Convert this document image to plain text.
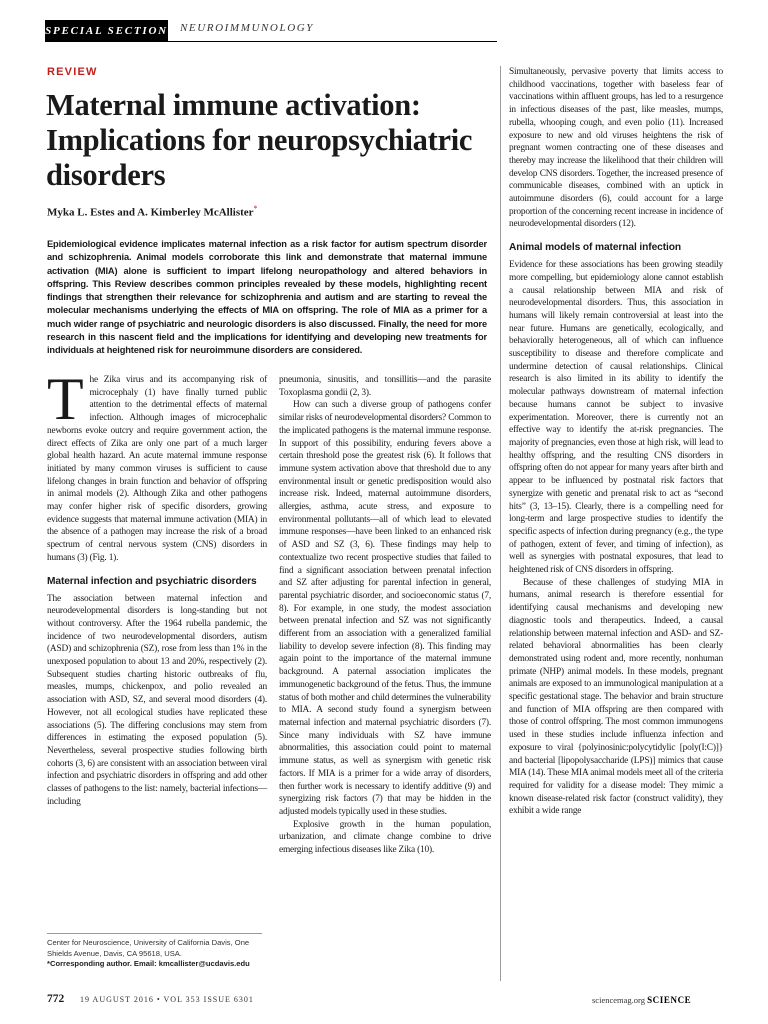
SPECIAL SECTION NEUROIMMUNOLOGY
REVIEW
Maternal immune activation: Implications for neuropsychiatric disorders
Myka L. Estes and A. Kimberley McAllister*

Epidemiological evidence implicates maternal infection as a risk factor for autism spectrum disorder and schizophrenia. Animal models corroborate this link and demonstrate that maternal immune activation (MIA) alone is sufficient to impart lifelong neuropathology and altered behaviors in offspring. This Review describes common principles revealed by these models, highlighting recent findings that strengthen their relevance for schizophrenia and autism and are starting to reveal the molecular mechanisms underlying the effects of MIA on offspring. The role of MIA as a primer for a much wider range of psychiatric and neurologic disorders is also discussed. Finally, the need for more research in this nascent field and the implications for identifying and developing new treatments for individuals at heightened risk for neuroimmune disorders are considered.

The Zika virus and its accompanying risk of microcephaly (1) have finally turned public attention to the detrimental effects of maternal infection. Although images of microcephalic newborns evoke outcry and require government action, the direct effects of Zika are only one part of a much larger global health hazard. An acute maternal immune response initiated by many common viruses is sufficient to cause lifelong changes in brain function and behavior of offspring in animal models (2). Although Zika and other pathogens may confer higher risk of specific disorders, growing evidence suggests that maternal immune activation (MIA) in the absence of a pathogen may increase the risk of a broad spectrum of central nervous system (CNS) disorders in humans (3) (Fig. 1).

Maternal infection and psychiatric disorders

The association between maternal infection and neurodevelopmental disorders is long-standing but not without controversy. After the 1964 rubella pandemic, the incidence of two neurodevelopmental disorders, autism (ASD) and schizophrenia (SZ), rose from less than 1% in the unexposed population to about 13 and 20%, respectively (2). Subsequent studies charting historic outbreaks of flu, measles, mumps, chickenpox, and polio revealed an association with ASD, SZ, and several mood disorders (4). However, not all ecological studies have replicated these associations (5). The differing conclusions may stem from differences in estimating the exposed population (5). Nevertheless, several prospective studies following birth cohorts (3, 6) are consistent with an association between viral infection and psychiatric disorders in offspring and add other classes of pathogens to the list: namely, bacterial infections—including

Center for Neuroscience, University of California Davis, One Shields Avenue, Davis, CA 95618, USA.
*Corresponding author. Email: kmcallister@ucdavis.edu

pneumonia, sinusitis, and tonsillitis—and the parasite Toxoplasma gondii (2, 3).

How can such a diverse group of pathogens confer similar risks of neurodevelopmental disorders? Common to the implicated pathogens is the maternal immune response. In support of this possibility, enduring fevers above a certain threshold pose the greatest risk (6). It follows that immune system activation above that threshold due to any environmental insult or genetic predisposition would also increase risk. Indeed, maternal autoimmune disorders, allergies, asthma, acute stress, and exposure to environmental pollutants—all of which lead to elevated immune responses—have been linked to an enhanced risk of ASD and SZ (3, 6). These findings may help to contextualize two recent prospective studies that failed to find a significant association between prenatal infection and SZ after adjusting for parental infection in general, parental psychiatric disorder, and socioeconomic status (7, 8). For example, in one study, the modest association between prenatal infection and SZ was not significantly different from an association with a generalized familial liability to develop severe infection (8). This finding may again point to the importance of the maternal immune background. A paternal association implicates the immunogenetic background of the fetus. Thus, the immune status of both mother and child determines the vulnerability to MIA. A second study found a synergism between maternal infection and maternal psychiatric disorders (7). Since many individuals with SZ have immune abnormalities, this association could point to maternal immune status, as well as synergism with genetic risk factors. If MIA is a primer for a wide array of disorders, then further work is necessary to identify additive (9) and synergizing risk factors (7) that may be hidden in the adjusted models typically used in these studies.

Explosive growth in the human population, urbanization, and climate change combine to drive emerging infectious diseases like Zika (10).

Simultaneously, pervasive poverty that limits access to childhood vaccinations, together with baseless fear of vaccinations within affluent groups, has led to a resurgence in infectious diseases of the past, like measles, mumps, rubella, whooping cough, and even polio (11). Increased exposure to new and old viruses heightens the risk of pregnant women contracting one of these diseases and thereby may increase the likelihood that their children will develop CNS disorders. Together, the increased presence of communicable diseases, combined with an uptick in autoimmune disorders (6), could account for a large proportion of the concerning recent increase in incidence of neurodevelopmental disorders (12).

Animal models of maternal infection

Evidence for these associations has been growing steadily more compelling, but epidemiology alone cannot establish a causal relationship between MIA and risk of neurodevelopmental disorders. Thus, this association in humans will likely remain controversial at least into the near future. Humans are genetically, ecologically, and behaviorally heterogeneous, all of which can influence susceptibility to disease and therefore complicate and undermine detection of causal relationships. Clinical research is also limited in its ability to identify the molecular pathways downstream of maternal infection because humans cannot be subject to invasive experimentation. Moreover, there is currently not an effective way to identify the at-risk pregnancies. The majority of pregnancies, even those at high risk, will lead to healthy offspring, and the resulting CNS disorders in offspring often do not appear for many years after birth and appear to be influenced by postnatal risk factors that synergize with genetic and prenatal risk to act as “second hits” (3, 13–15). Clearly, there is a compelling need for long-term and large prospective studies to identify the specific aspects of infection during pregnancy (e.g., the type of pathogen, extent of fever, and timing of infection), as well as synergies with postnatal exposures, that lead to heightened risk of CNS disorders in offspring.

Because of these challenges of studying MIA in humans, animal research is therefore essential for identifying causal mechanisms and developing new diagnostic tools and therapeutics. Indeed, a causal relationship between maternal infection and ASD- and SZ-related behavioral abnormalities has been clearly demonstrated using rodent and, more recently, nonhuman primate (NHP) animal models. In these models, pregnant animals are exposed to an immunological manipulation at a specific gestational stage. The behavior and brain structure and function of MIA offspring are then compared with those of control offspring. The most common immunogens used in these studies include influenza infection and exposure to viral {polyinosinic:polycytidylic [poly(I:C)]} and bacterial [lipopolysaccharide (LPS)] mimics that cause MIA (14). These MIA animal models meet all of the criteria required for validity for a disease model: They mimic a known disease-related risk factor (construct validity), they exhibit a wide range

772 19 AUGUST 2016 • VOL 353 ISSUE 6301	sciencemag.org SCIENCE
